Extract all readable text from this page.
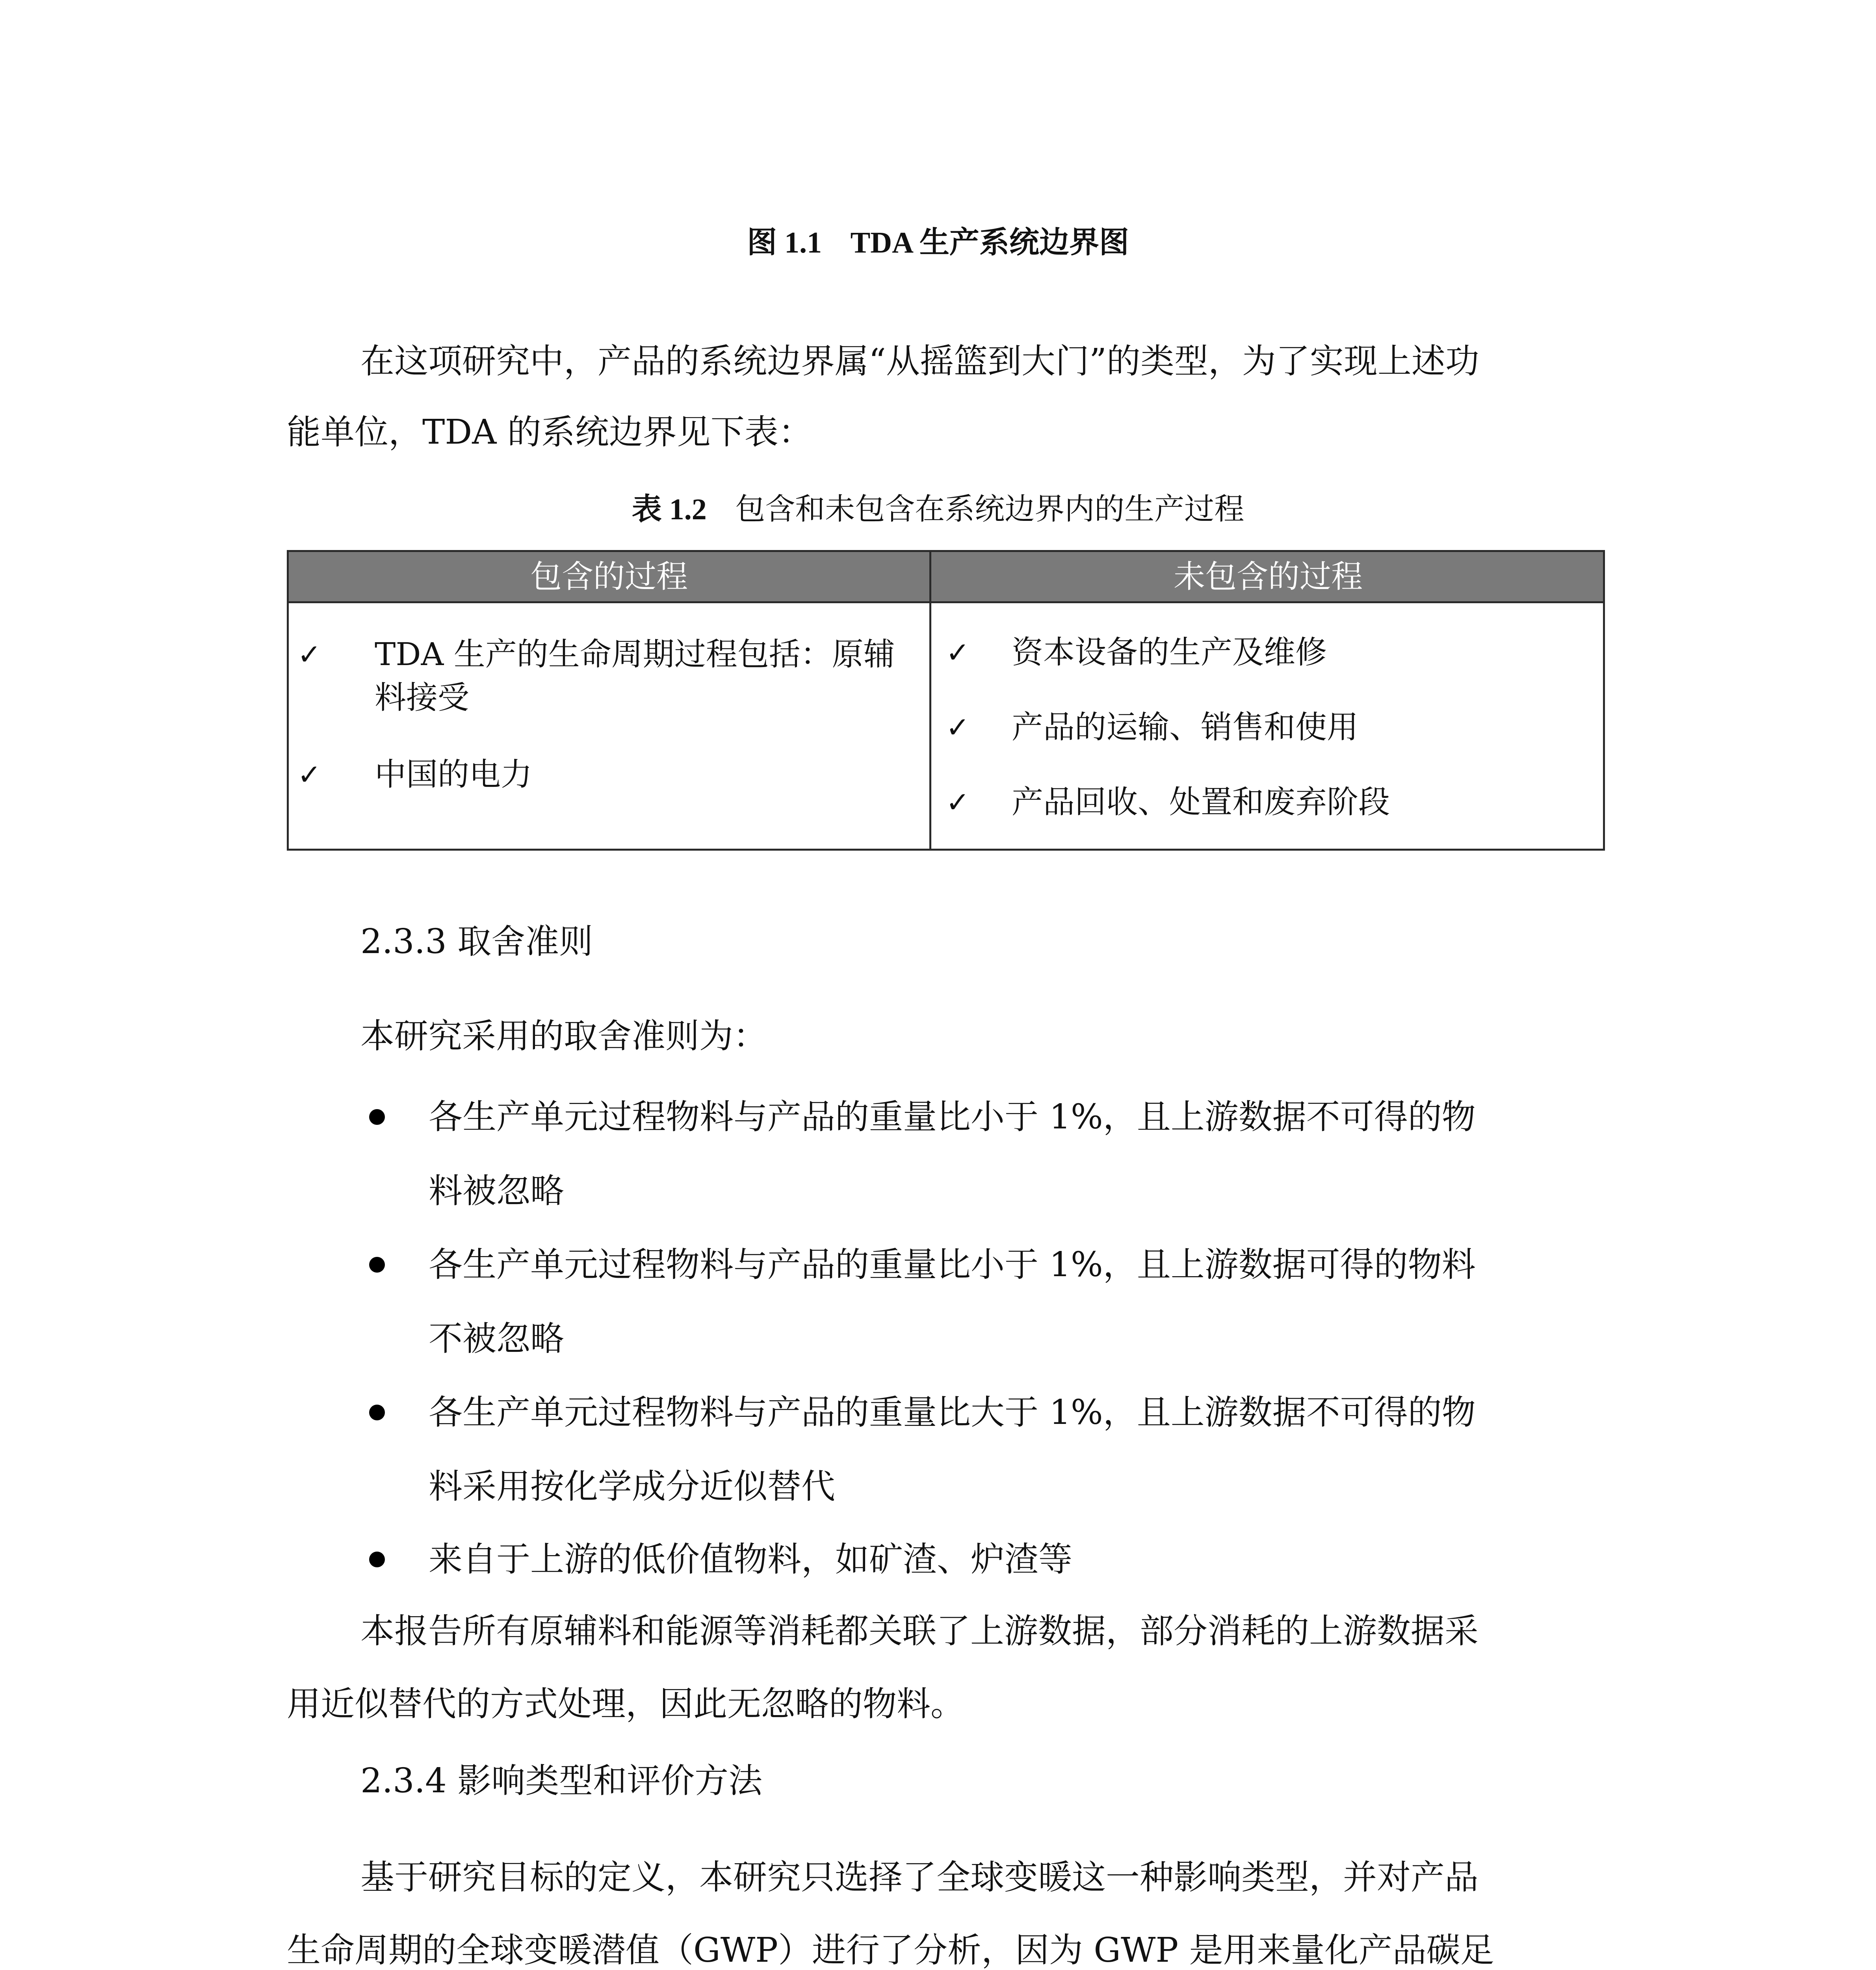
图 1.1 TDA 生产系统边界图
在这项研究中，产品的系统边界属“从摇篮到大门”的类型，为了实现上述功
能单位，TDA 的系统边界见下表：
表 1.2 包含和未包含在系统边界内的生产过程
包含的过程	未包含的过程
✓ TDA 生产的生命周期过程包括：原辅
料接受
✓ 中国的电力
✓ 资本设备的生产及维修
✓ 产品的运输、销售和使用
✓ 产品回收、处置和废弃阶段
2.3.3 取舍准则
本研究采用的取舍准则为：
各生产单元过程物料与产品的重量比小于 1%，且上游数据不可得的物
料被忽略
各生产单元过程物料与产品的重量比小于 1%，且上游数据可得的物料
不被忽略
各生产单元过程物料与产品的重量比大于 1%，且上游数据不可得的物
料采用按化学成分近似替代
来自于上游的低价值物料，如矿渣、炉渣等
本报告所有原辅料和能源等消耗都关联了上游数据，部分消耗的上游数据采
用近似替代的方式处理，因此无忽略的物料。
2.3.4 影响类型和评价方法
基于研究目标的定义，本研究只选择了全球变暖这一种影响类型，并对产品
生命周期的全球变暖潜值（GWP）进行了分析，因为 GWP 是用来量化产品碳足
